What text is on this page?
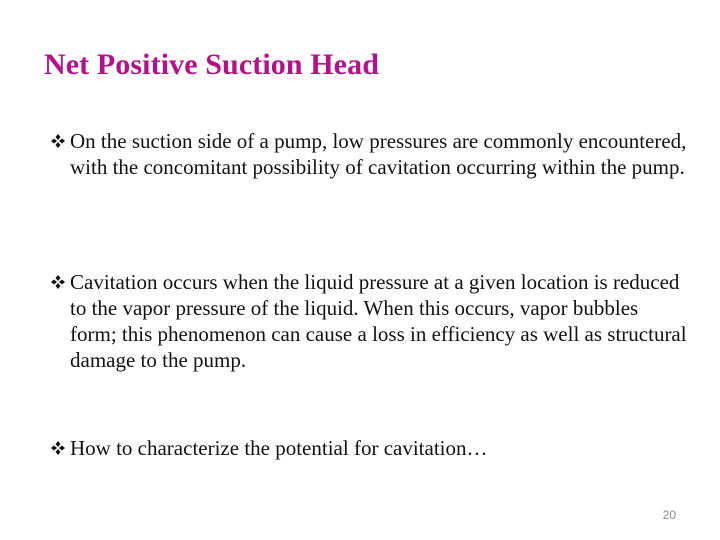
Net Positive Suction Head
On the suction side of a pump, low pressures are commonly encountered, with the concomitant possibility of cavitation occurring within the pump.
Cavitation occurs when the liquid pressure at a given location is reduced to the vapor pressure of the liquid. When this occurs, vapor bubbles form; this phenomenon can cause a loss in efficiency as well as structural damage to the pump.
How to characterize the potential for cavitation…
20
